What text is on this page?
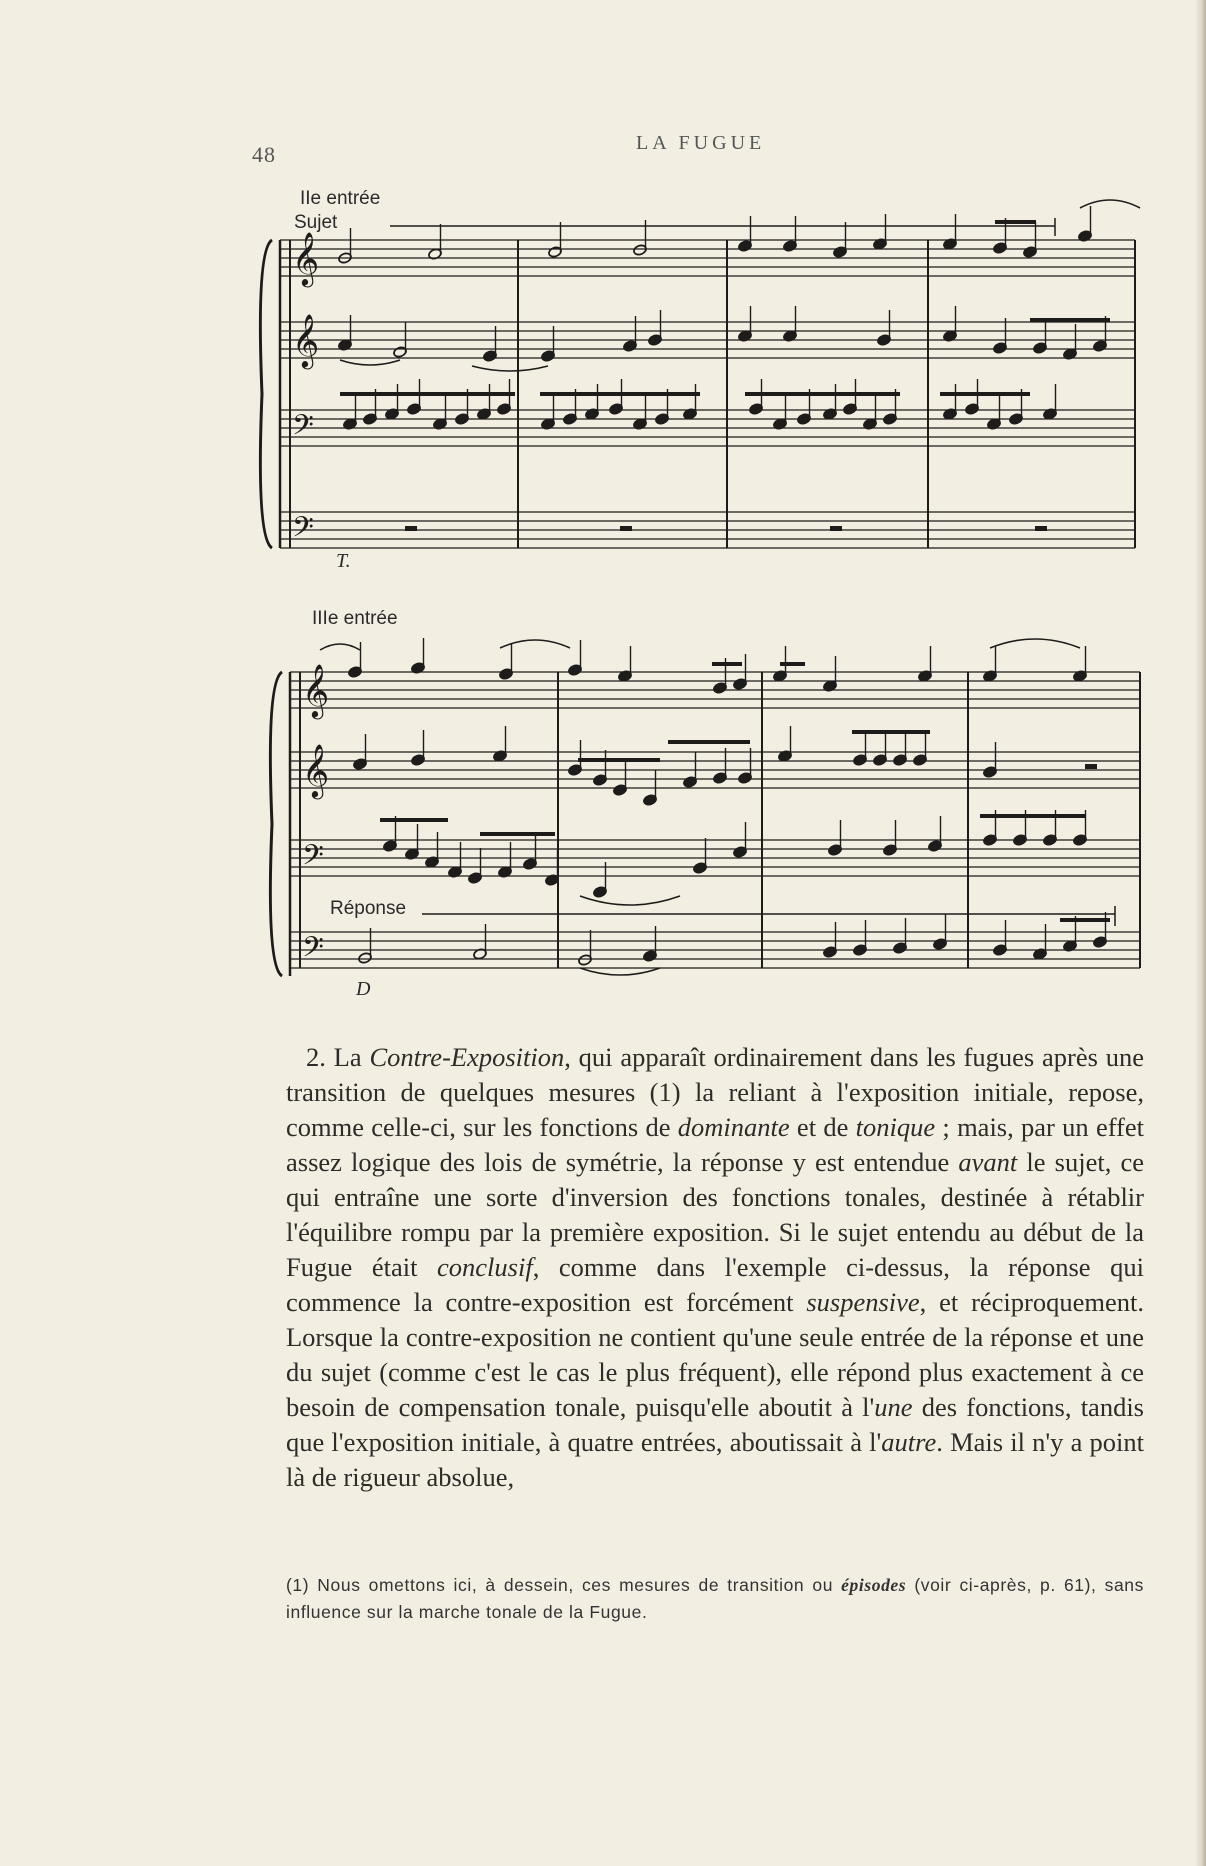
48	LA FUGUE
IIe entrée
Sujet
T.
IIIe entrée
Réponse
D
𝄞
𝄞
𝄢
𝄢
𝄞
𝄞
𝄢
𝄢

2. La Contre-Exposition, qui apparaît ordinairement dans les fugues après une transition de quelques mesures (1) la reliant à l'exposition initiale, repose, comme celle-ci, sur les fonctions de dominante et de tonique ; mais, par un effet assez logique des lois de symétrie, la réponse y est entendue avant le sujet, ce qui entraîne une sorte d'inversion des fonctions tonales, destinée à rétablir l'équilibre rompu par la première exposition. Si le sujet entendu au début de la Fugue était conclusif, comme dans l'exemple ci-dessus, la réponse qui commence la contre-exposition est forcément suspensive, et réciproquement. Lorsque la contre-exposition ne contient qu'une seule entrée de la réponse et une du sujet (comme c'est le cas le plus fréquent), elle répond plus exactement à ce besoin de compensation tonale, puisqu'elle aboutit à l'une des fonctions, tandis que l'exposition initiale, à quatre entrées, aboutissait à l'autre. Mais il n'y a point là de rigueur absolue,

(1) Nous omettons ici, à dessein, ces mesures de transition ou épisodes (voir ci-après, p. 61), sans influence sur la marche tonale de la Fugue.
